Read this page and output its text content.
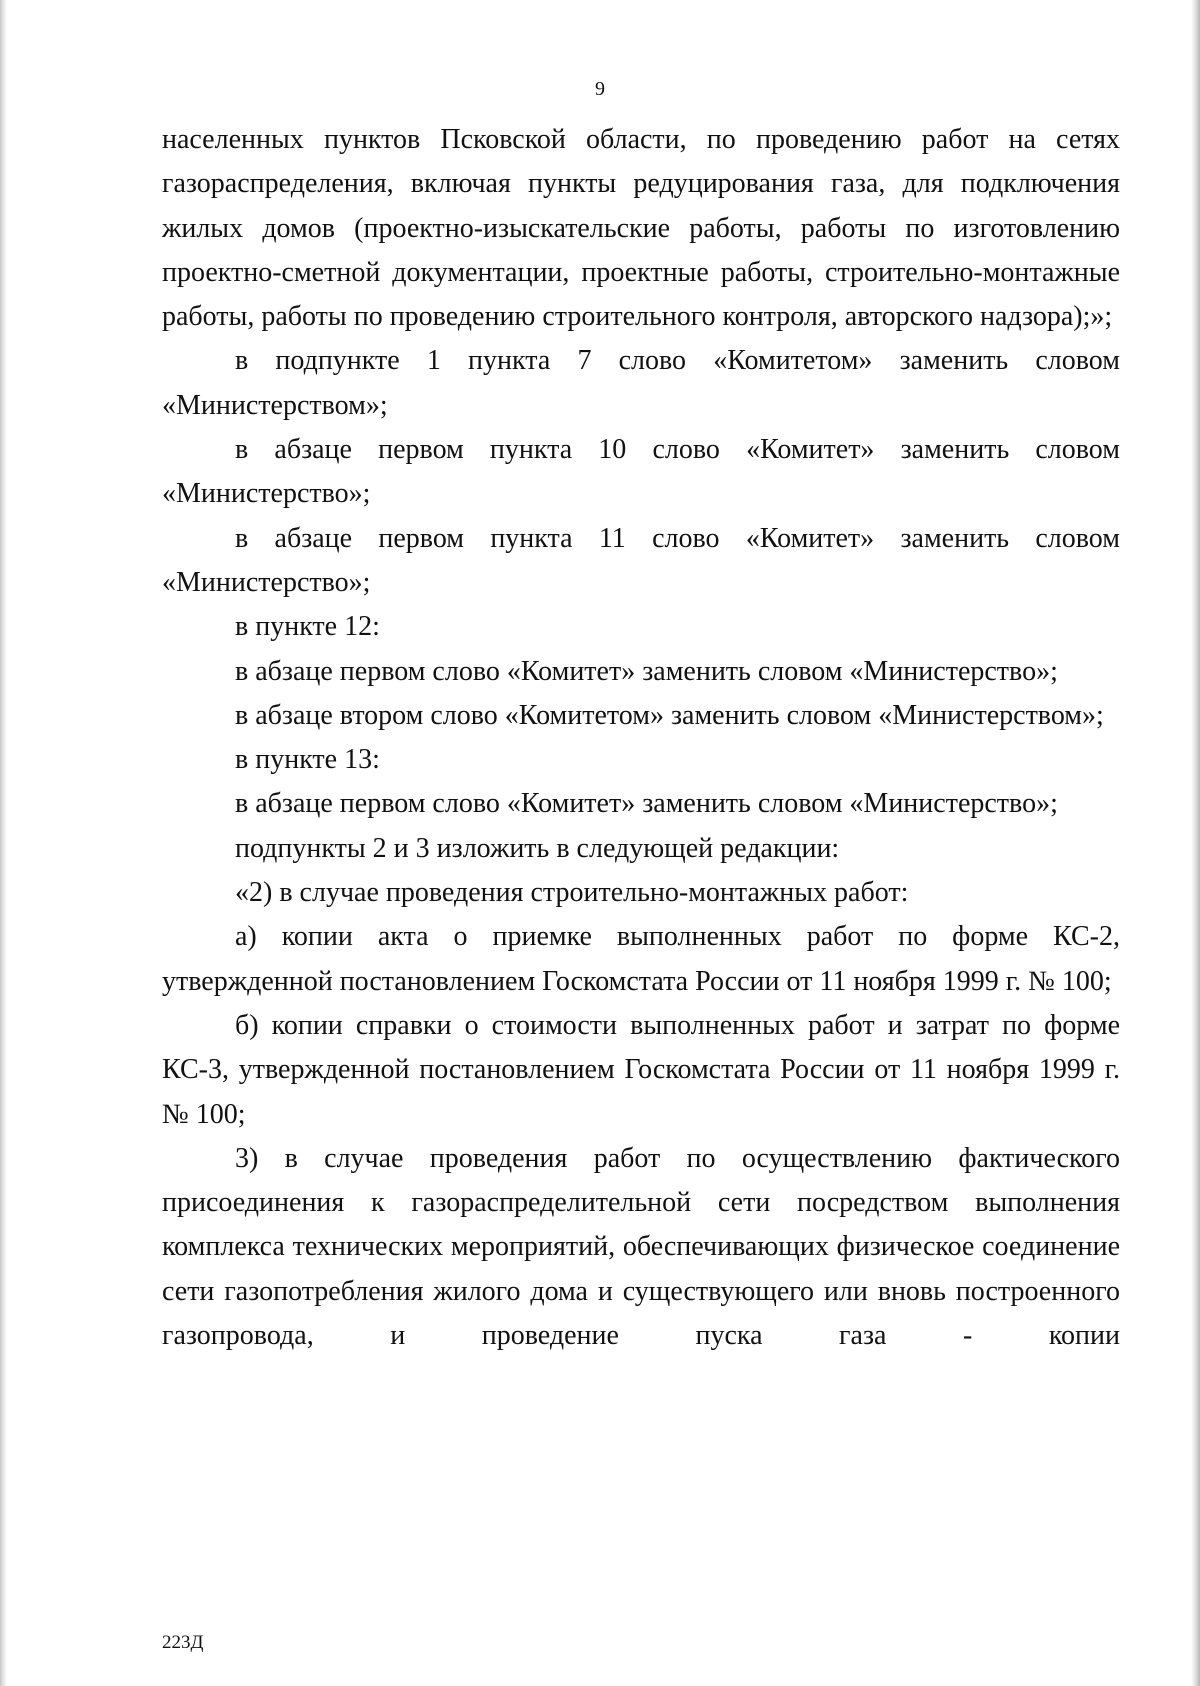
9

населенных пунктов Псковской области, по проведению работ на сетях газораспределения, включая пункты редуцирования газа, для подключения жилых домов (проектно-изыскательские работы, работы по изготовлению проектно-сметной документации, проектные работы, строительно-монтажные работы, работы по проведению строительного контроля, авторского надзора);»;

в подпункте 1 пункта 7 слово «Комитетом» заменить словом «Министерством»;

в абзаце первом пункта 10 слово «Комитет» заменить словом «Министерство»;

в абзаце первом пункта 11 слово «Комитет» заменить словом «Министерство»;

в пункте 12:

в абзаце первом слово «Комитет» заменить словом «Министерство»;

в абзаце втором слово «Комитетом» заменить словом «Министерством»;

в пункте 13:

в абзаце первом слово «Комитет» заменить словом «Министерство»;

подпункты 2 и 3 изложить в следующей редакции:

«2) в случае проведения строительно-монтажных работ:

а) копии акта о приемке выполненных работ по форме КС-2, утвержденной постановлением Госкомстата России от 11 ноября 1999 г. № 100;

б) копии справки о стоимости выполненных работ и затрат по форме КС-3, утвержденной постановлением Госкомстата России от 11 ноября 1999 г. № 100;

3) в случае проведения работ по осуществлению фактического присоединения к газораспределительной сети посредством выполнения комплекса технических мероприятий, обеспечивающих физическое соединение сети газопотребления жилого дома и существующего или вновь построенного газопровода, и проведение пуска газа - копии

223Д
